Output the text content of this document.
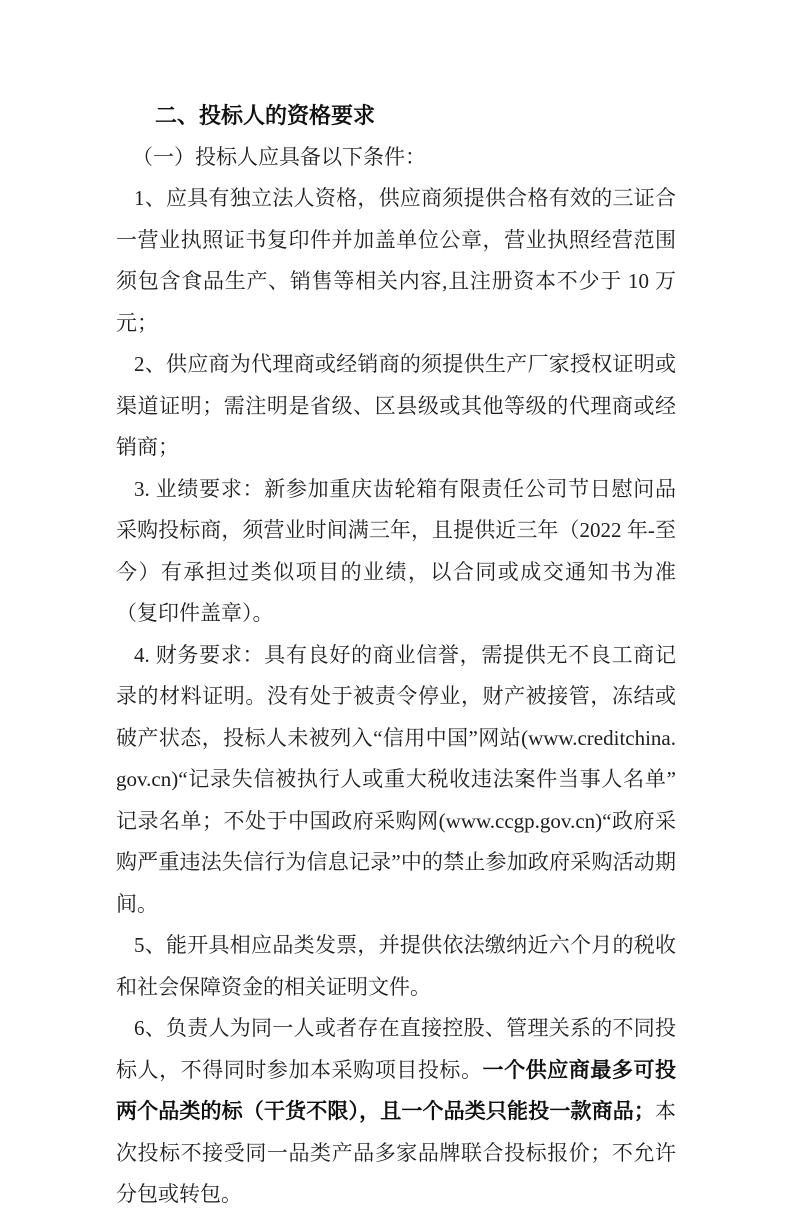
二、投标人的资格要求

（一）投标人应具备以下条件：

1、应具有独立法人资格，供应商须提供合格有效的三证合一营业执照证书复印件并加盖单位公章，营业执照经营范围须包含食品生产、销售等相关内容,且注册资本不少于 10 万元；

2、供应商为代理商或经销商的须提供生产厂家授权证明或渠道证明；需注明是省级、区县级或其他等级的代理商或经销商；

3. 业绩要求：新参加重庆齿轮箱有限责任公司节日慰问品采购投标商，须营业时间满三年，且提供近三年（2022 年-至今）有承担过类似项目的业绩，以合同或成交通知书为准（复印件盖章）。

4. 财务要求：具有良好的商业信誉，需提供无不良工商记录的材料证明。没有处于被责令停业，财产被接管，冻结或破产状态，投标人未被列入“信用中国”网站(www.creditchina.gov.cn)“记录失信被执行人或重大税收违法案件当事人名单”记录名单；不处于中国政府采购网(www.ccgp.gov.cn)“政府采购严重违法失信行为信息记录”中的禁止参加政府采购活动期间。

5、能开具相应品类发票，并提供依法缴纳近六个月的税收和社会保障资金的相关证明文件。

6、负责人为同一人或者存在直接控股、管理关系的不同投标人，不得同时参加本采购项目投标。一个供应商最多可投两个品类的标（干货不限），且一个品类只能投一款商品；本次投标不接受同一品类产品多家品牌联合投标报价；不允许分包或转包。
